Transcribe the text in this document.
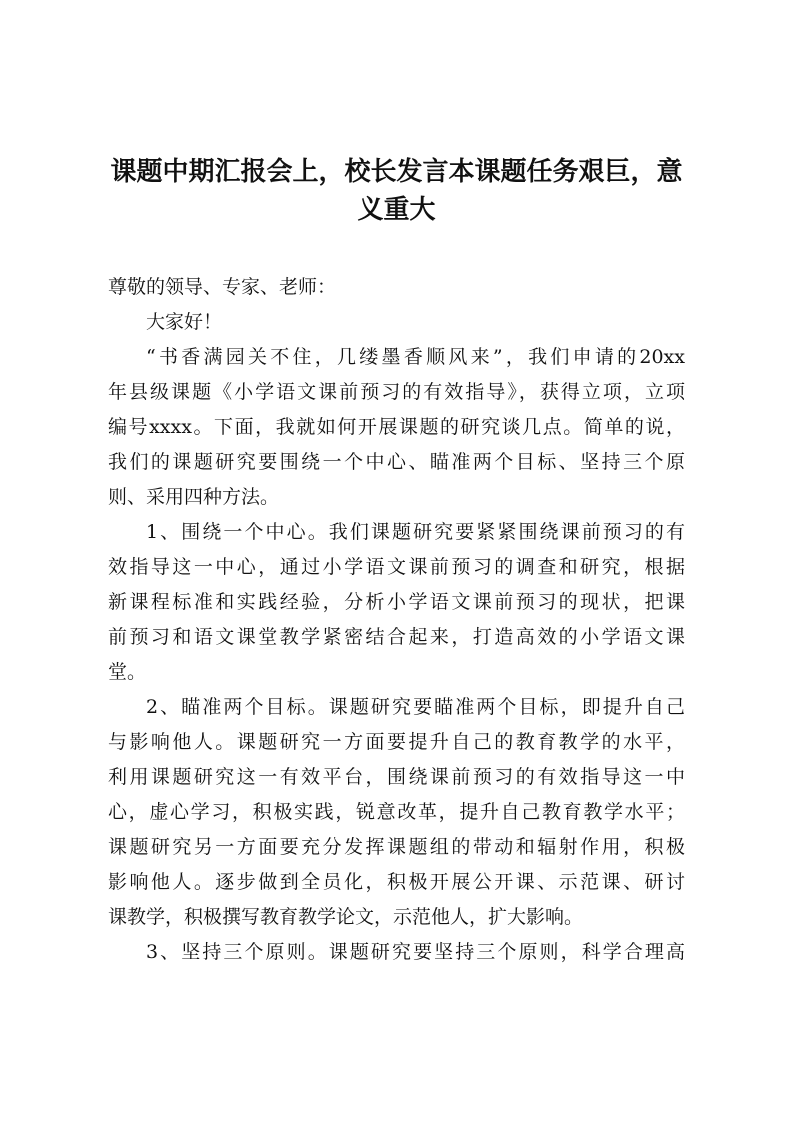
课题中期汇报会上，校长发言本课题任务艰巨，意
义重大
尊敬的领导、专家、老师：
大家好！
“书香满园关不住，几缕墨香顺风来”，我们申请的20xx
年县级课题《小学语文课前预习的有效指导》，获得立项，立项
编号xxxx。下面，我就如何开展课题的研究谈几点。简单的说，
我们的课题研究要围绕一个中心、瞄准两个目标、坚持三个原
则、采用四种方法。
1、围绕一个中心。我们课题研究要紧紧围绕课前预习的有
效指导这一中心，通过小学语文课前预习的调查和研究，根据
新课程标准和实践经验，分析小学语文课前预习的现状，把课
前预习和语文课堂教学紧密结合起来，打造高效的小学语文课
堂。
2、瞄准两个目标。课题研究要瞄准两个目标，即提升自己
与影响他人。课题研究一方面要提升自己的教育教学的水平，
利用课题研究这一有效平台，围绕课前预习的有效指导这一中
心，虚心学习，积极实践，锐意改革，提升自己教育教学水平；
课题研究另一方面要充分发挥课题组的带动和辐射作用，积极
影响他人。逐步做到全员化，积极开展公开课、示范课、研讨
课教学，积极撰写教育教学论文，示范他人，扩大影响。
3、坚持三个原则。课题研究要坚持三个原则，科学合理高
